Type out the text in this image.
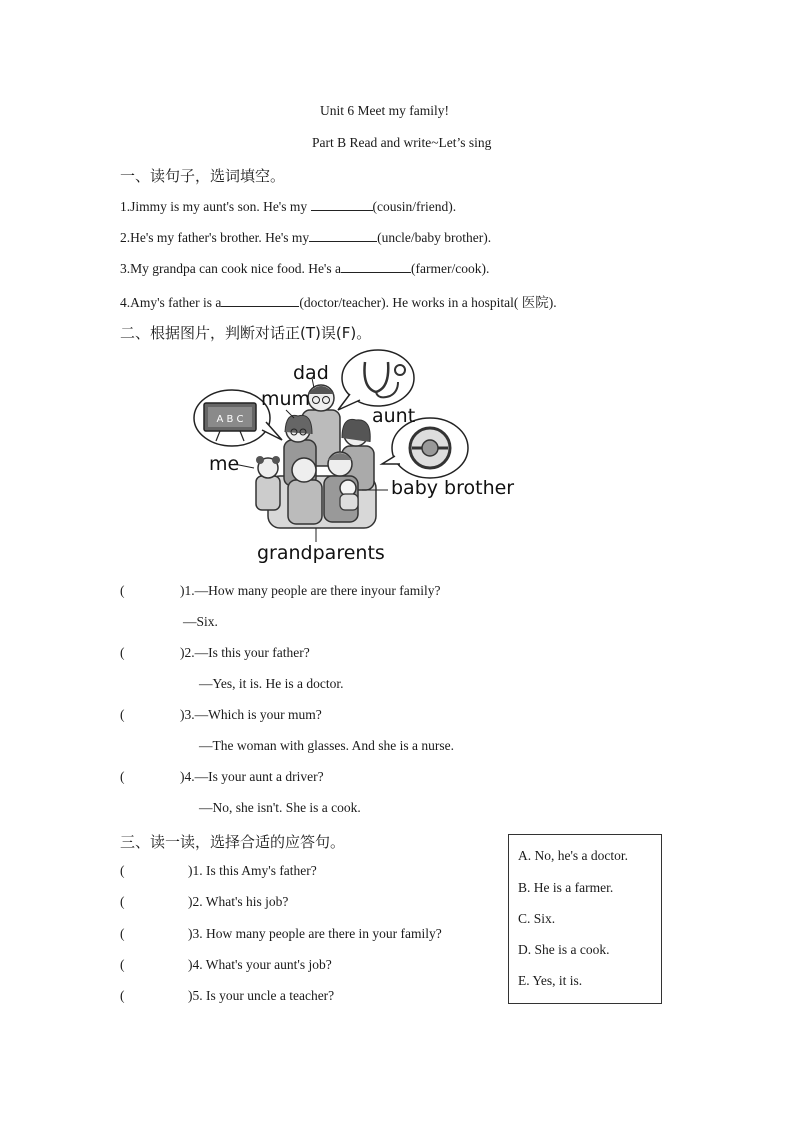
Unit 6 Meet my family!
Part B Read and write~Let’s sing
一、读句子，选词填空。
1.Jimmy is my aunt's son. He's my	(cousin/friend).
2.He's my father's brother. He's my	(uncle/baby brother).
3.My grandpa can cook nice food. He's a	(farmer/cook).
4.Amy's father is a	(doctor/teacher). He works in a hospital( 医院).
二、根据图片，判断对话正(T)误(F)。
A B C
dad
mum
aunt
me
baby brother
grandparents
(	)1.—How many people are there inyour family?
—Six.
(	)2.—Is this your father?
—Yes, it is. He is a doctor.
(	)3.—Which is your mum?
—The woman with glasses. And she is a nurse.
(	)4.—Is your aunt a driver?
—No, she isn't. She is a cook.
三、读一读，选择合适的应答句。
(	)1. Is this Amy's father?
(	)2. What's his job?
(	)3. How many people are there in your family?
(	)4. What's your aunt's job?
(	)5. Is your uncle a teacher?
A. No, he's a doctor.
B. He is a farmer.
C. Six.
D. She is a cook.
E. Yes, it is.
